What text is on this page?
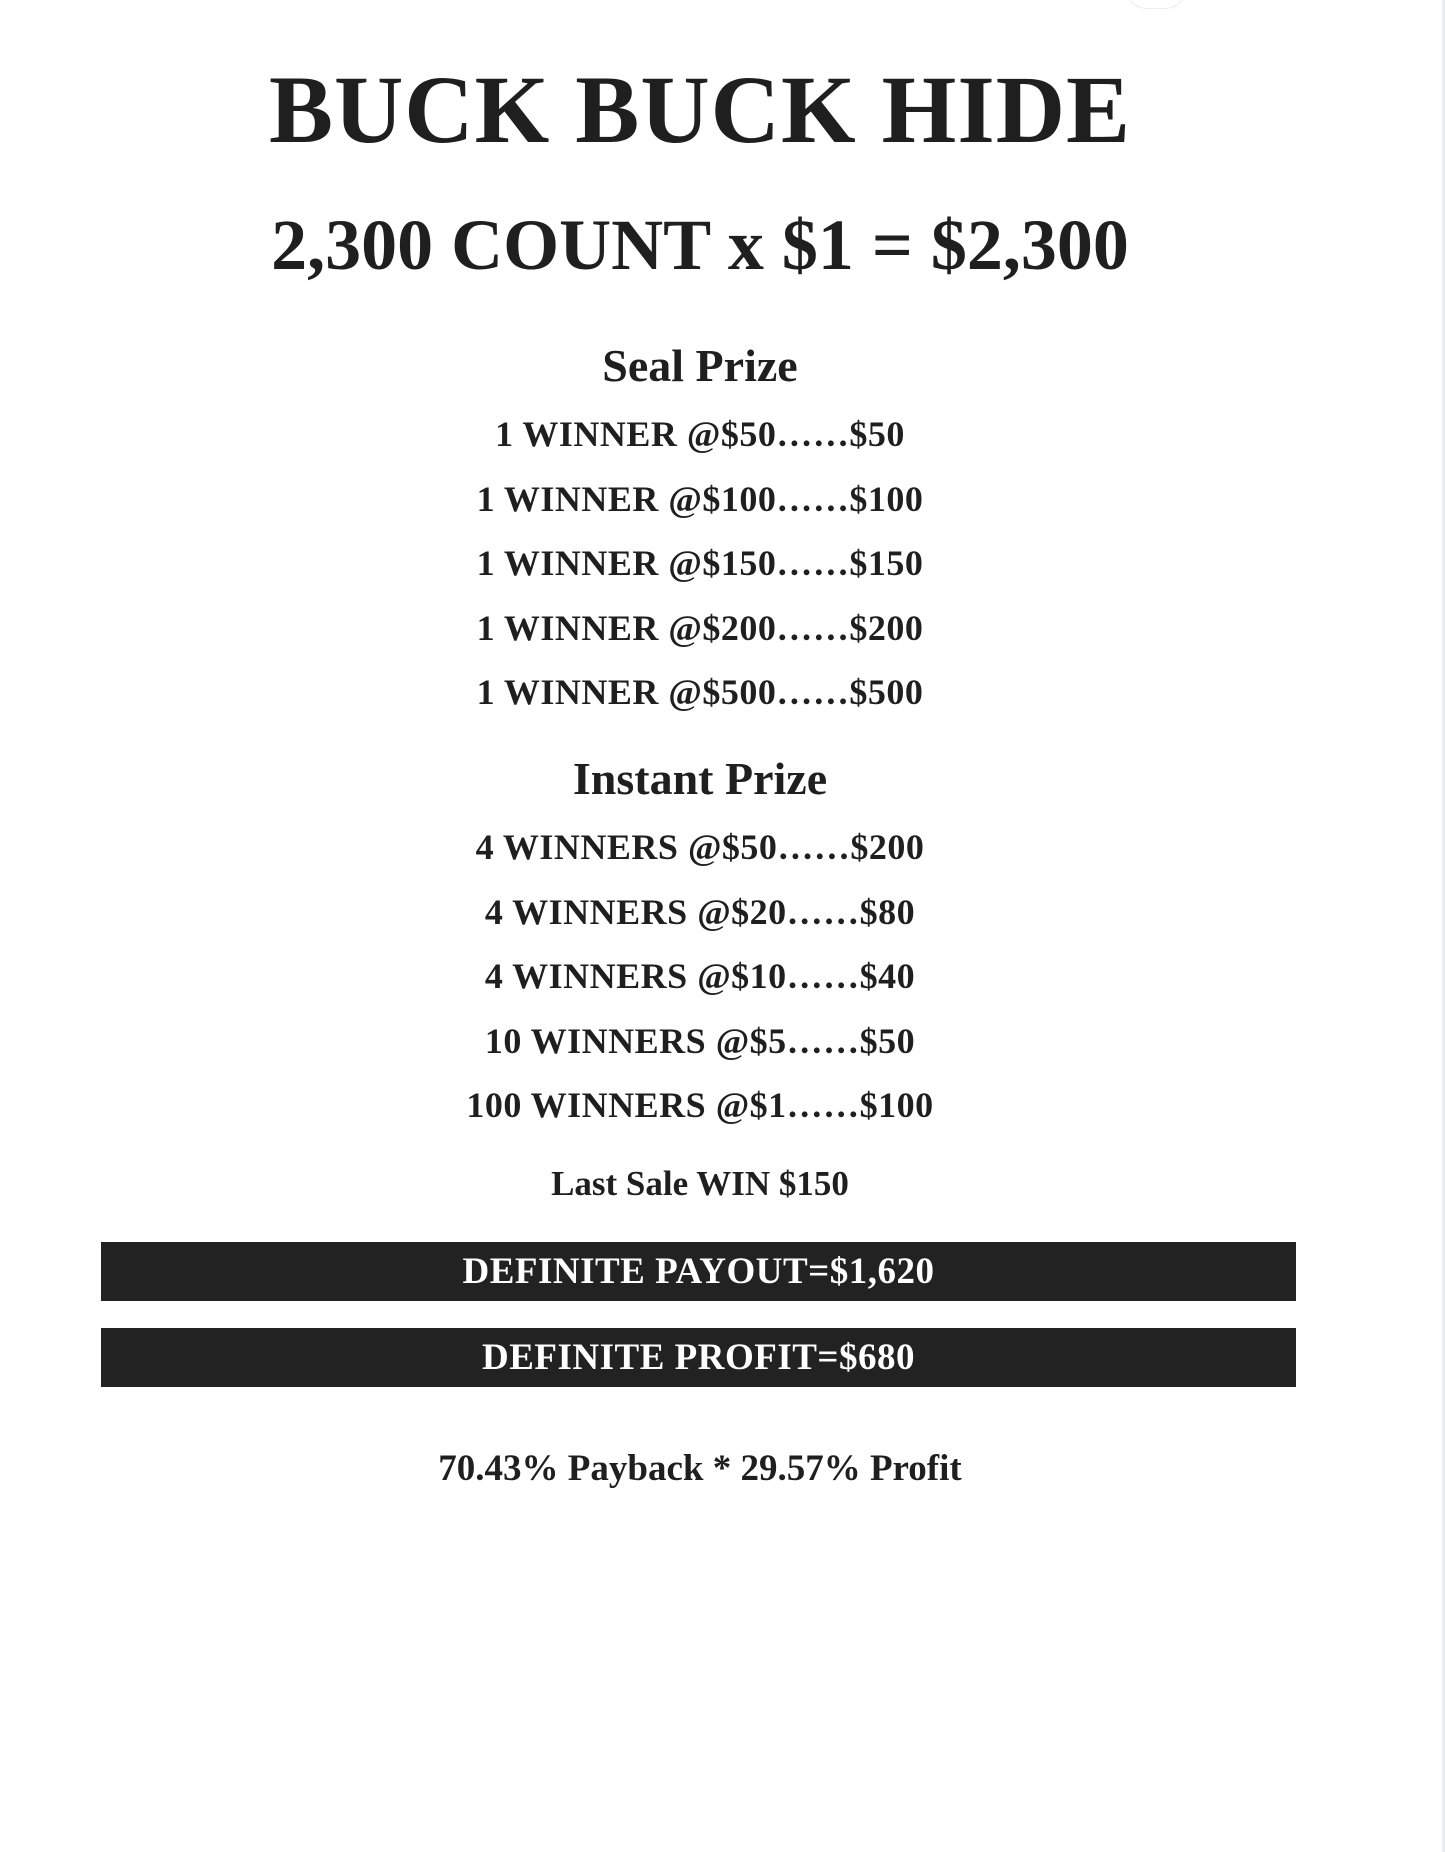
BUCK BUCK HIDE
2,300 COUNT x $1 = $2,300
Seal Prize
1 WINNER @$50……$50
1 WINNER @$100……$100
1 WINNER @$150……$150
1 WINNER @$200……$200
1 WINNER @$500……$500
Instant Prize
4 WINNERS @$50……$200
4 WINNERS @$20……$80
4 WINNERS @$10……$40
10 WINNERS @$5……$50
100 WINNERS @$1……$100
Last Sale WIN $150
DEFINITE PAYOUT=$1,620
DEFINITE PROFIT=$680
70.43% Payback * 29.57% Profit
